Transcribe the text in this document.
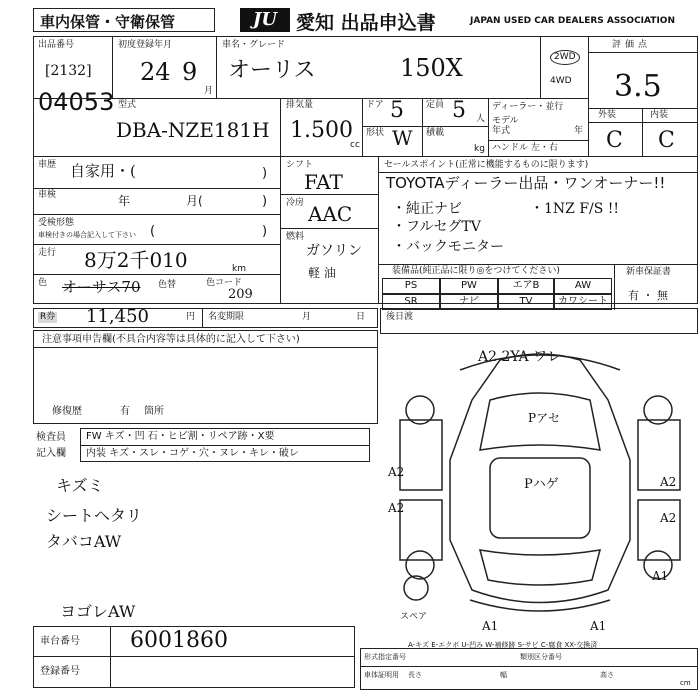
車内保管・守衛保管	JU 愛知 出品申込書	JAPAN USED CAR DEALERS ASSOCIATION
出品番号
[2132]
04053
初度登録年月
24 9
月
車名・グレード
オーリス	150X	2WD
4WD
評価点
3.5
外装	内装
C C
型式
DBA-NZE181H
排気量
1.500
cc
ドア 5 定員 5 人
形状 W 積載
kg
ディーラー・並行
モデル
年式	年
ハンドル 左・右
車歴 自家用・(	)
車検	年	月(	)
受検形態
車検付きの場合記入して下さい (	)
走行 8万2千010	km
色 オーサス70 色替	色コード
209
シフト
FAT
冷房 AAC
燃料
ガソリン
軽 油
セールスポイント(正常に機能するものに限ります)
TOYOTAディーラー出品・ワンオーナー!!
・純正ナビ	・1NZ F/S !!
・フルセグTV
・バックモニター
装備品(純正品に限り◎をつけてください)
PS	PW	エアB	AW
SR	ナビ	TV	カワシート
新車保証書
有 ・ 無
R券 11,450	円 名変期限	月	日 後日渡
注意事項申告欄(不具合内容等は具体的に記入して下さい)
修復歴	有 箇所
検査員
記入欄
FW キズ・凹 石・ヒビ割・リペア跡・X要
内装 キズ・スレ・コゲ・穴・ヌレ・キレ・破レ
キズミ
シートヘタリ
タバコAW
ヨゴレAW
A2 2YA ワレ
Pアセ
Pハゲ
A2
A2
A2
A2
A1
A1	A1
スペア
A-キズ E-エクボ U-凹み W-補修跡 S-サビ C-腐食 XX-交換済
車台番号 6001860
登録番号
形式指定番号	類別区分番号
車体証明用 長さ	幅	高さ
cm
